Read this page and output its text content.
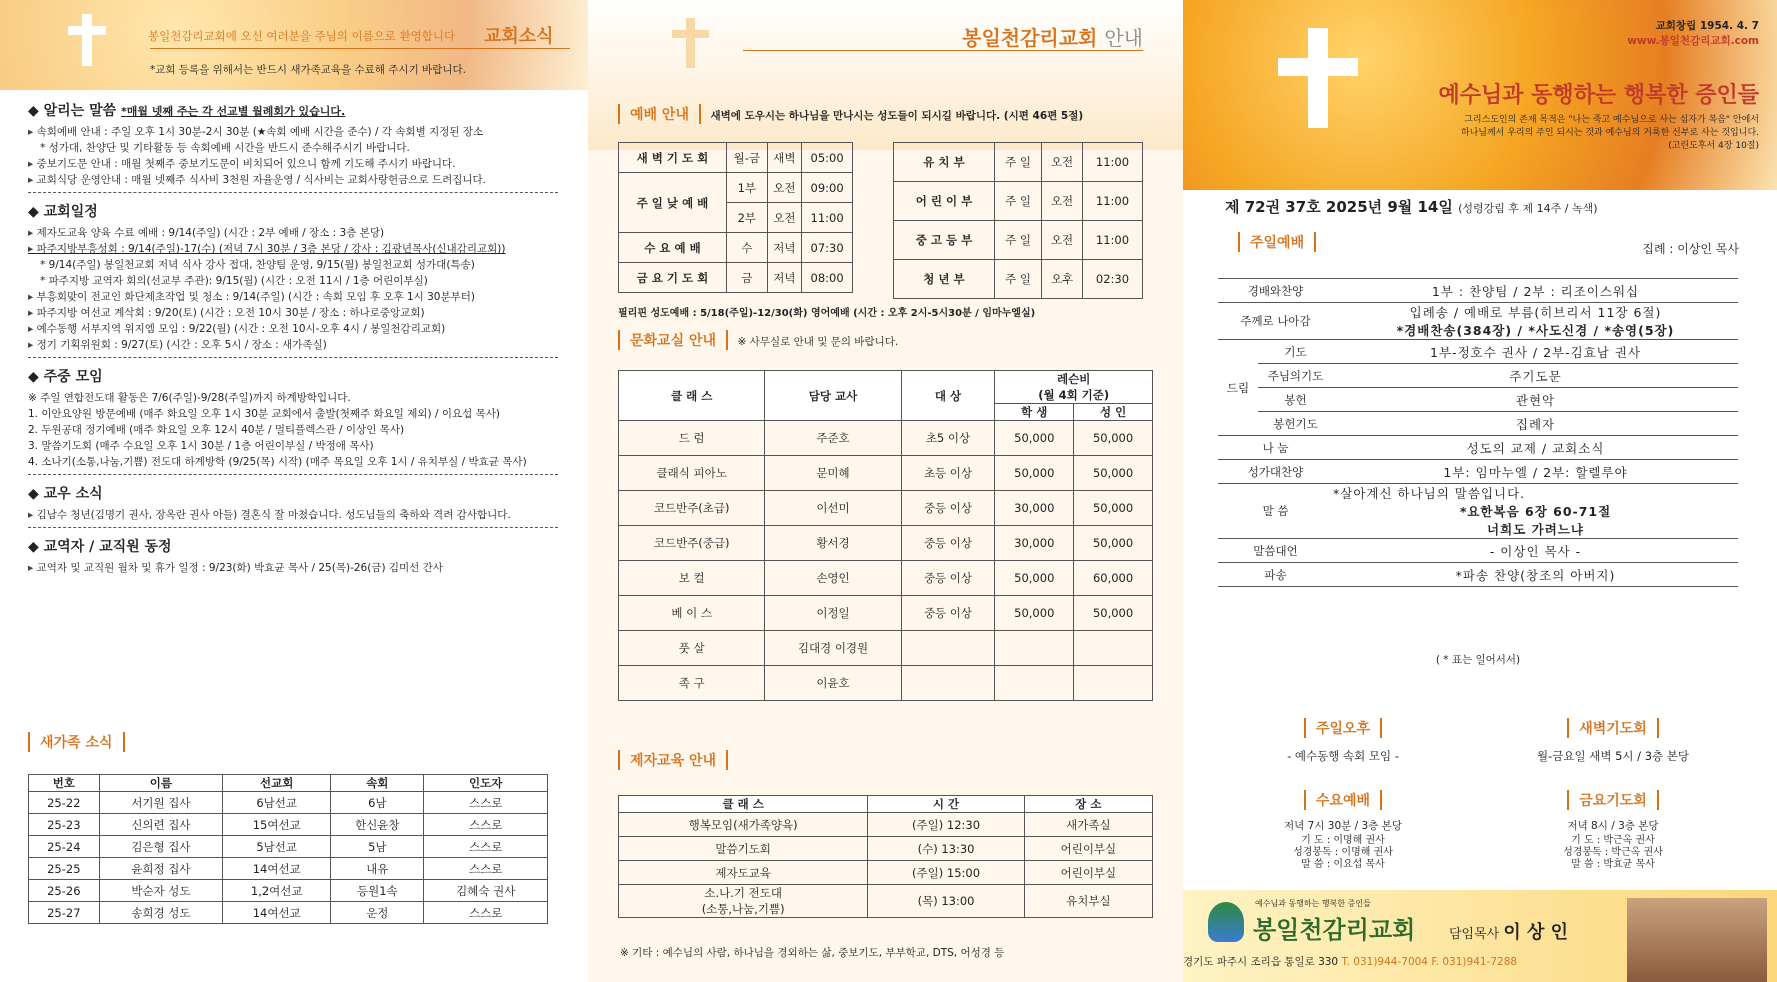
봉일천감리교회에 오신 여러분을 주님의 이름으로 환영합니다 교회소식
*교회 등록을 위해서는 반드시 새가족교육을 수료해 주시기 바랍니다.
◆ 알리는 말씀 *매월 넷째 주는 각 선교별 월례회가 있습니다.
▸ 속회예배 안내 : 주일 오후 1시 30분-2시 30분 (★속회 예배 시간을 준수) / 각 속회별 지정된 장소
* 성가대, 찬양단 및 기타활동 등 속회예배 시간을 반드시 준수해주시기 바랍니다.
▸ 중보기도문 안내 : 매월 첫째주 중보기도문이 비치되어 있으니 함께 기도해 주시기 바랍니다.
▸ 교회식당 운영안내 : 매월 넷째주 식사비 3천원 자율운영 / 식사비는 교회사랑헌금으로 드려집니다.
◆ 교회일정
▸ 제자도교육 양육 수료 예배 : 9/14(주일) (시간 : 2부 예배 / 장소 : 3층 본당)
▸ 파주지방부흥성회 : 9/14(주일)-17(수) (저녁 7시 30분 / 3층 본당 / 강사 : 김광년목사(신내감리교회))
* 9/14(주일) 봉일천교회 저녁 식사 강사 접대, 찬양팀 운영, 9/15(월) 봉일천교회 성가대(특송)
* 파주지방 교역자 회의(선교부 주관): 9/15(월) (시간 : 오전 11시 / 1층 어린이부실)
▸ 부흥회맞이 전교인 화단제초작업 및 청소 : 9/14(주일) (시간 : 속회 모임 후 오후 1시 30분부터)
▸ 파주지방 여선교 계삭회 : 9/20(토) (시간 : 오전 10시 30분 / 장소 : 하나로중앙교회)
▸ 예수동행 서부지역 위지엠 모임 : 9/22(월) (시간 : 오전 10시-오후 4시 / 봉일천감리교회)
▸ 정기 기획위원회 : 9/27(토) (시간 : 오후 5시 / 장소 : 새가족실)
◆ 주중 모임
※ 주일 연합전도대 활동은 7/6(주일)-9/28(주일)까지 하계방학입니다.
1. 이안요양원 방문예배 (매주 화요일 오후 1시 30분 교회에서 출발(첫째주 화요일 제외) / 이요섭 목사)
2. 두원공대 정기예배 (매주 화요일 오후 12시 40분 / 멀티플렉스관 / 이상인 목사)
3. 말씀기도회 (매주 수요일 오후 1시 30분 / 1층 어린이부실 / 박정애 목사)
4. 소나기(소통,나눔,기쁨) 전도대 하계방학 (9/25(목) 시작) (매주 목요일 오후 1시 / 유치부실 / 박효균 목사)
◆ 교우 소식
▸ 김남수 청년(김명기 권사, 장옥란 권사 아들) 결혼식 잘 마쳤습니다. 성도님들의 축하와 격려 감사합니다.
◆ 교역자 / 교직원 동정
▸ 교역자 및 교직원 월차 및 휴가 일정 : 9/23(화) 박효균 목사 / 25(목)-26(금) 김미선 간사
새가족 소식
번호	이름	선교회	속회	인도자
25-22	서기원 집사	6남선교	6남	스스로
25-23	신의련 집사	15여선교	한신윤창	스스로
25-24	김은형 집사	5남선교	5남	스스로
25-25	윤희정 집사	14여선교	내유	스스로
25-26	박순자 성도	1,2여선교	등원1속	김혜숙 권사
25-27	송희경 성도	14여선교	운정	스스로
봉일천감리교회 안내
예배 안내 새벽에 도우시는 하나님을 만나시는 성도들이 되시길 바랍니다. (시편 46편 5절)
새 벽 기 도 회	월-금	새벽	05:00
주 일 낮 예 배	1부	오전	09:00
	2부	오전	11:00
수 요 예 배	수	저녁	07:30
금 요 기 도 회	금	저녁	08:00
유 치 부	주 일	오전	11:00
어 린 이 부	주 일	오전	11:00
중 고 등 부	주 일	오전	11:00
청 년 부	주 일	오후	02:30
필리핀 성도예배 : 5/18(주일)-12/30(화) 영어예배 (시간 : 오후 2시-5시30분 / 임마누엘실)
문화교실 안내 ※ 사무실로 안내 및 문의 바랍니다.
클 래 스	담당 교사	대 상	레슨비
(월 4회 기준)	
			학 생	성 인
드 럼	주준호	초5 이상	50,000	50,000
클래식 피아노	문미혜	초등 이상	50,000	50,000
코드반주(초급)	이선미	중등 이상	30,000	50,000
코드반주(중급)	황서경	중등 이상	30,000	50,000
보 컬	손영인	중등 이상	50,000	60,000
베 이 스	이정일	중등 이상	50,000	50,000
풋 살	김대경 이경원			
족 구	이윤호			
제자교육 안내
클 래 스	시 간	장 소
행복모임(새가족양육)	(주일) 12:30	새가족실
말씀기도회	(수) 13:30	어린이부실
제자도교육	(주일) 15:00	어린이부실
소.나.기 전도대
(소통,나눔,기쁨)	(목) 13:00	유치부실
※ 기타 : 예수님의 사람, 하나님을 경외하는 삶, 중보기도, 부부학교, DTS, 어성경 등
교회창립 1954. 4. 7
www.봉일천감리교회.com
예수님과 동행하는 행복한 증인들
그리스도인의 존재 목적은 "나는 죽고 예수님으로 사는 십자가 복음" 안에서
하나님께서 우리의 주인 되시는 것과 예수님의 거룩한 신부로 사는 것입니다.
(고린도후서 4장 10절)
제 72권 37호 2025년 9월 14일 (성령강림 후 제 14주 / 녹색)
주일예배	집례 : 이상인 목사
경배와찬양		1부 : 찬양팀 / 2부 : 리조이스워십

주께로 나아감		입례송 / 예배로 부름(히브리서 11장 6절)
*경배찬송(384장) / *사도신경 / *송영(5장)

드림	기도	1부-정호수 권사 / 2부-김효남 권사

	주님의기도	주기도문

	봉헌	관현악

	봉헌기도	집례자

나 눔		성도의 교제 / 교회소식

성가대찬양		1부: 임마누엘 / 2부: 할렐루야

말 씀		*살아계신 하나님의 말씀입니다.
*요한복음 6장 60-71절
너희도 가려느냐

말씀대언		- 이상인 목사 -

파송		*파송 찬양(창조의 아버지)
( * 표는 일어서서)
주일오후
- 예수동행 속회 모임 -
새벽기도회
월-금요일 새벽 5시 / 3층 본당
수요예배
저녁 7시 30분 / 3층 본당
기 도 : 이명해 권사
성경봉독 : 이명해 권사
말 씀 : 이요섭 목사
금요기도회
저녁 8시 / 3층 본당
기 도 : 박근옥 권사
성경봉독 : 박근옥 권사
말 씀 : 박효균 목사
예수님과 동행하는 행복한 증인들
봉일천감리교회	담임목사 이 상 인
경기도 파주시 조리읍 통일로 330 T. 031)944-7004 F. 031)941-7288
